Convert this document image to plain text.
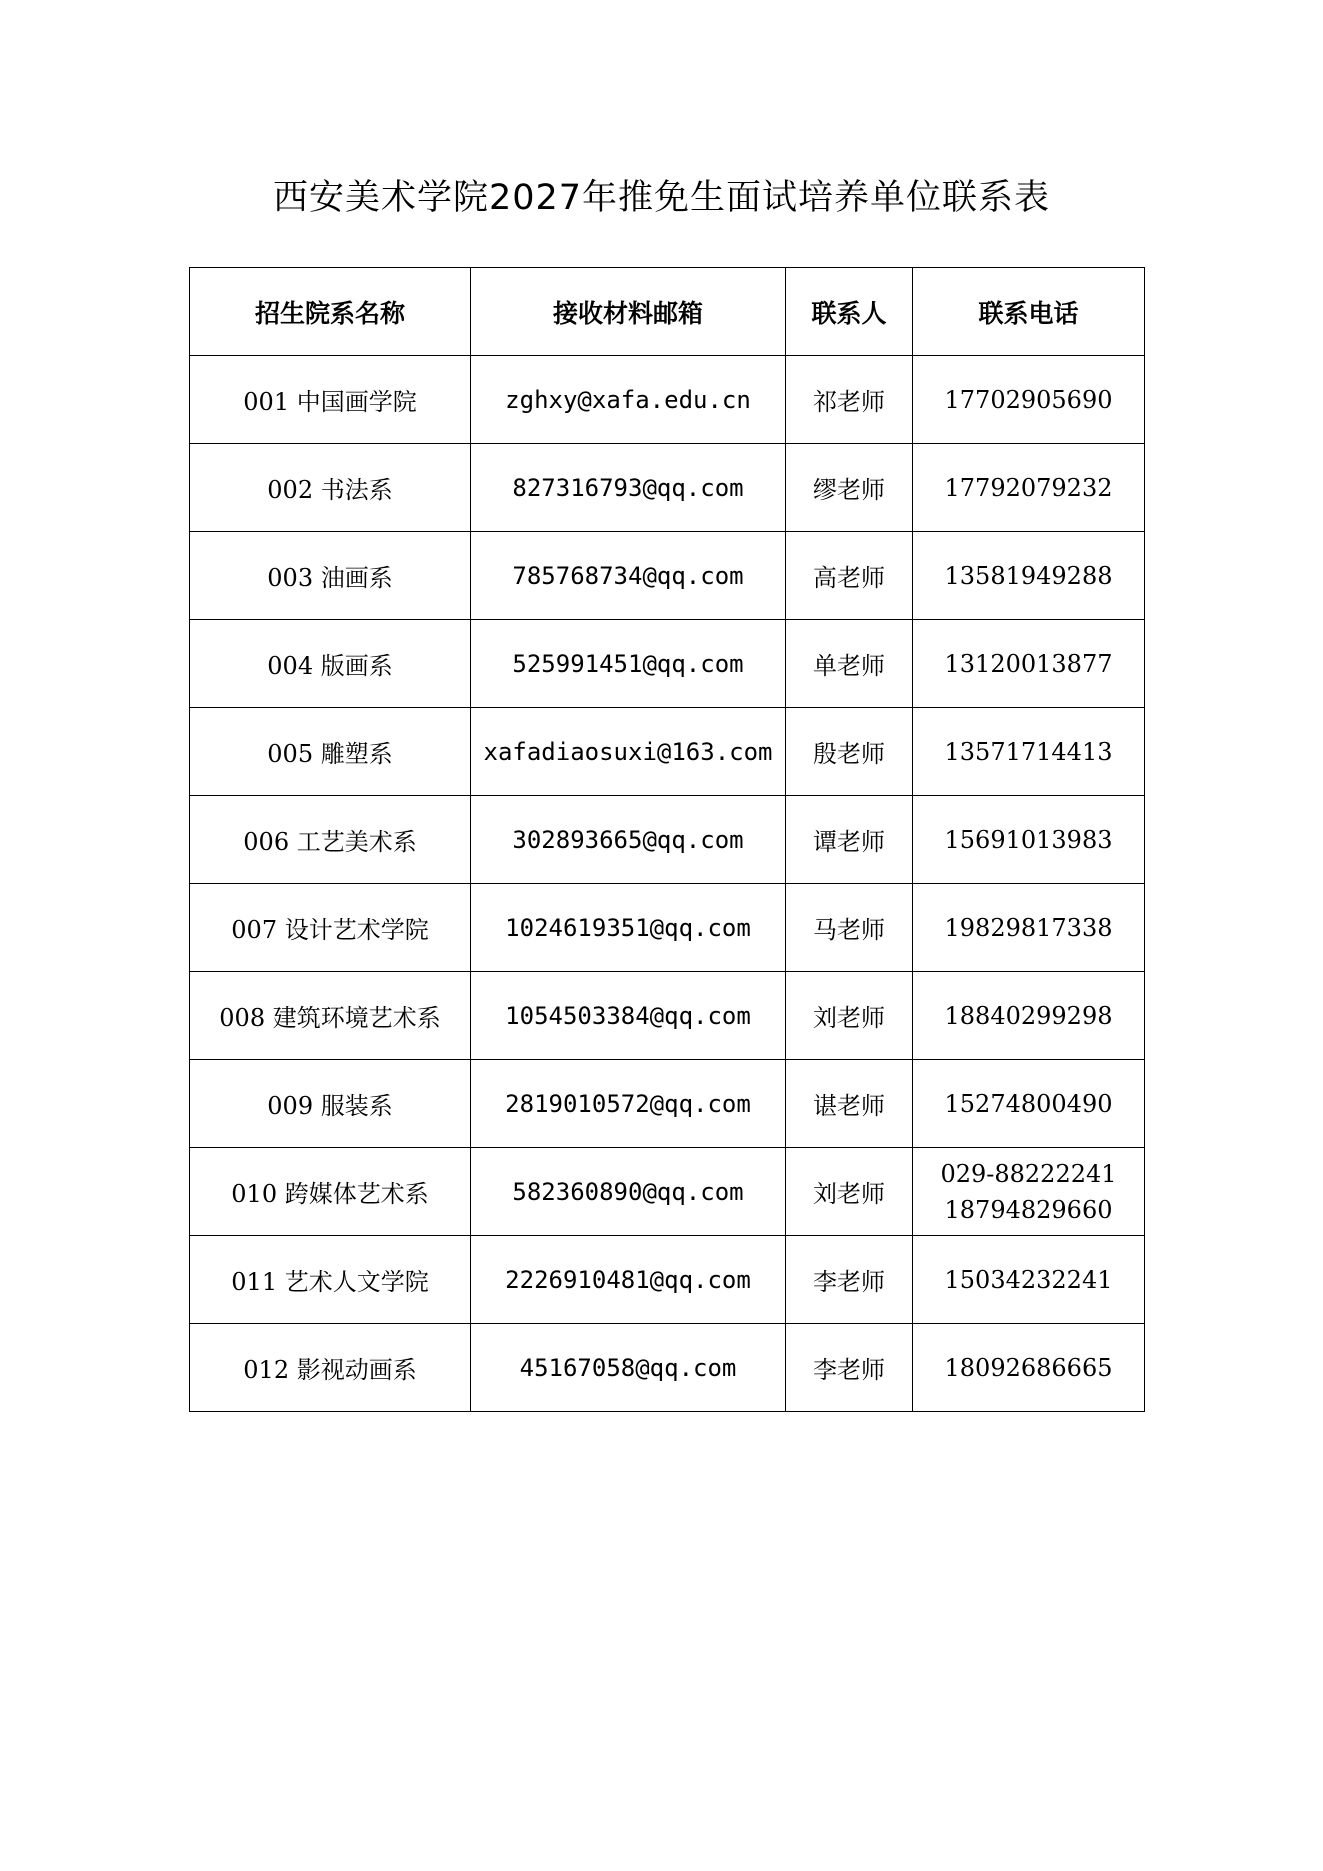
西安美术学院2027年推免生面试培养单位联系表
招生院系名称	接收材料邮箱	联系人	联系电话
001 中国画学院	zghxy@xafa.edu.cn	祁老师	17702905690

002 书法系	827316793@qq.com	缪老师	17792079232

003 油画系	785768734@qq.com	高老师	13581949288

004 版画系	525991451@qq.com	单老师	13120013877

005 雕塑系	xafadiaosuxi@163.com	殷老师	13571714413

006 工艺美术系	302893665@qq.com	谭老师	15691013983

007 设计艺术学院	1024619351@qq.com	马老师	19829817338

008 建筑环境艺术系	1054503384@qq.com	刘老师	18840299298

009 服装系	2819010572@qq.com	谌老师	15274800490

010 跨媒体艺术系	582360890@qq.com	刘老师	029-88222241
18794829660

011 艺术人文学院	2226910481@qq.com	李老师	15034232241

012 影视动画系	45167058@qq.com	李老师	18092686665
